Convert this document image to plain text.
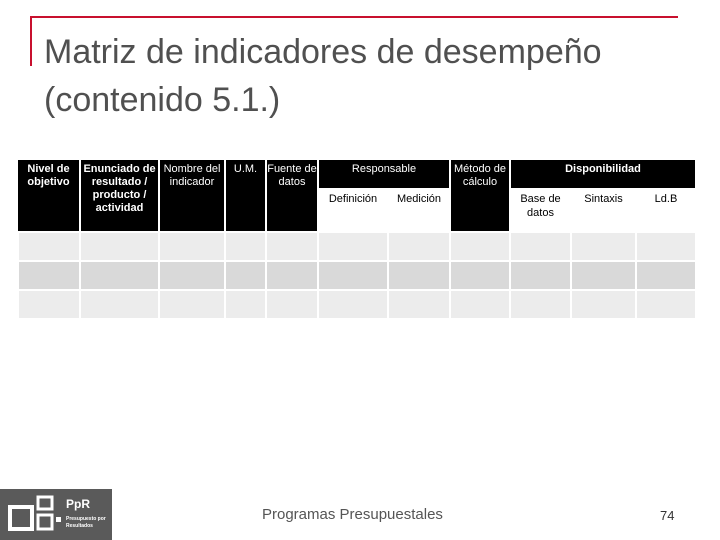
Matriz de indicadores de desempeño (contenido 5.1.)
Nivel de objetivo	Enunciado de resultado / producto / actividad	Nombre del indicador	U.M.	Fuente de datos	Responsable		Método de cálculo	Disponibilidad		
					Definición	Medición		Base de datos	Sintaxis	Ld.B

PpR
Presupuesto por Resultados
Programas Presupuestales	74
